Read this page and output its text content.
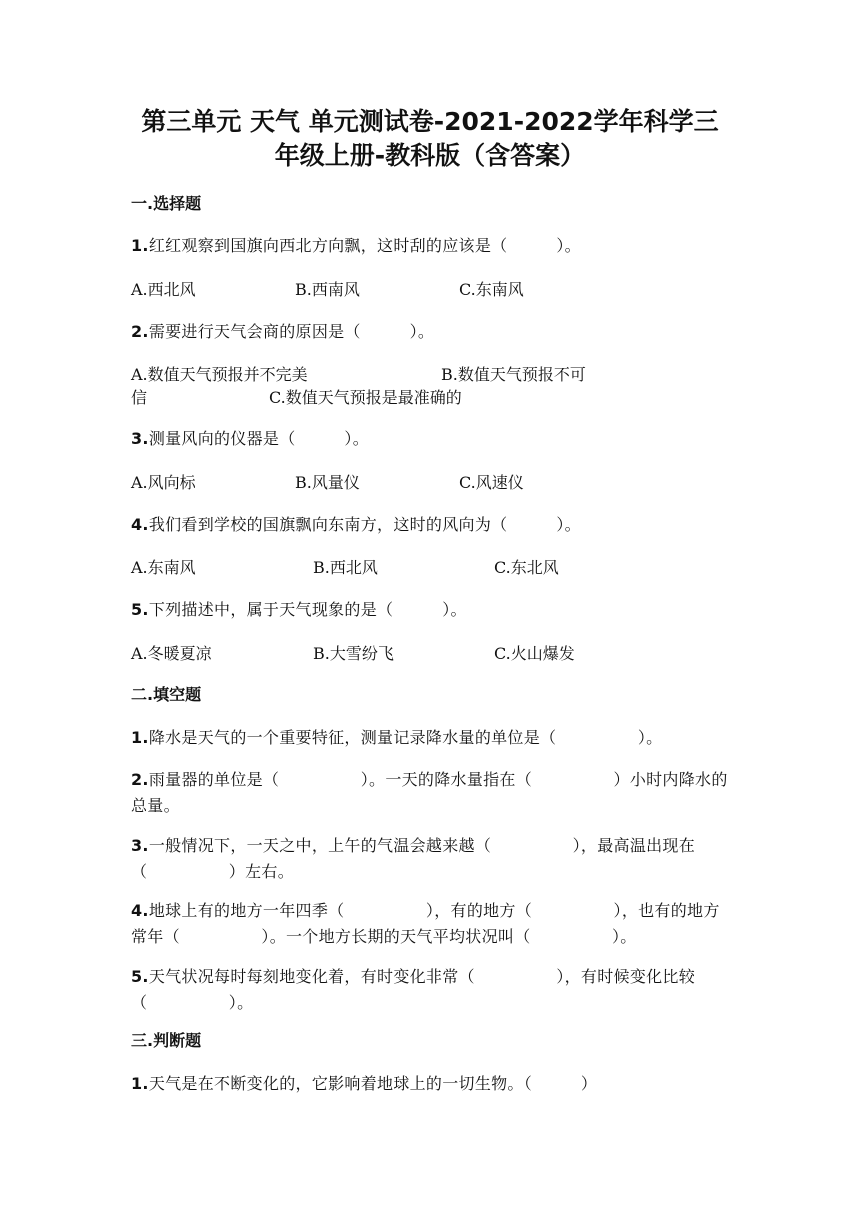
第三单元 天气 单元测试卷-2021-2022学年科学三
年级上册-教科版（含答案）
一.选择题
1.红红观察到国旗向西北方向飘，这时刮的应该是（　　　）。
A.西北风	B.西南风	C.东南风
2.需要进行天气会商的原因是（　　　）。
A.数值天气预报并不完美	B.数值天气预报不可
信	C.数值天气预报是最准确的
3.测量风向的仪器是（　　　）。
A.风向标	B.风量仪	C.风速仪
4.我们看到学校的国旗飘向东南方，这时的风向为（　　　）。
A.东南风	B.西北风	C.东北风
5.下列描述中，属于天气现象的是（　　　）。
A.冬暖夏凉	B.大雪纷飞	C.火山爆发
二.填空题
1.降水是天气的一个重要特征，测量记录降水量的单位是（　　　　　）。
2.雨量器的单位是（　　　　　）。一天的降水量指在（　　　　　）小时内降水的总量。
3.一般情况下，一天之中，上午的气温会越来越（　　　　　），最高温出现在（　　　　　）左右。
4.地球上有的地方一年四季（　　　　　），有的地方（　　　　　），也有的地方常年（　　　　　）。一个地方长期的天气平均状况叫（　　　　　）。
5.天气状况每时每刻地变化着，有时变化非常（　　　　　），有时候变化比较（　　　　　）。
三.判断题
1.天气是在不断变化的，它影响着地球上的一切生物。（　　　）
